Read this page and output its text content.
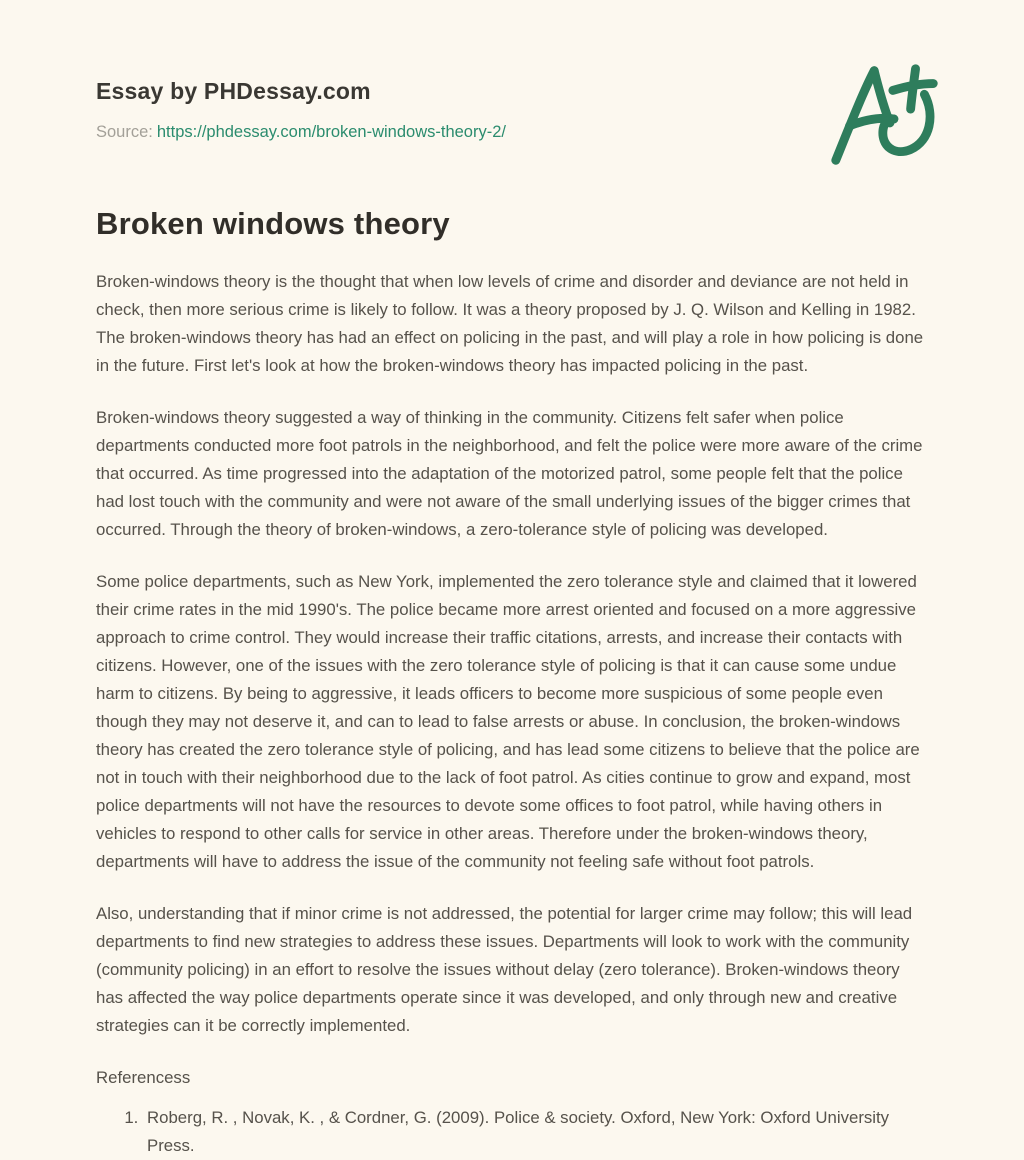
Essay by PHDessay.com
Source: https://phdessay.com/broken-windows-theory-2/
Broken windows theory

Broken-windows theory is the thought that when low levels of crime and disorder and deviance are not held in check, then more serious crime is likely to follow. It was a theory proposed by J. Q. Wilson and Kelling in 1982. The broken-windows theory has had an effect on policing in the past, and will play a role in how policing is done in the future. First let's look at how the broken-windows theory has impacted policing in the past.

Broken-windows theory suggested a way of thinking in the community. Citizens felt safer when police departments conducted more foot patrols in the neighborhood, and felt the police were more aware of the crime that occurred. As time progressed into the adaptation of the motorized patrol, some people felt that the police had lost touch with the community and were not aware of the small underlying issues of the bigger crimes that occurred. Through the theory of broken-windows, a zero-tolerance style of policing was developed.

Some police departments, such as New York, implemented the zero tolerance style and claimed that it lowered their crime rates in the mid 1990's. The police became more arrest oriented and focused on a more aggressive approach to crime control. They would increase their traffic citations, arrests, and increase their contacts with citizens. However, one of the issues with the zero tolerance style of policing is that it can cause some undue harm to citizens. By being to aggressive, it leads officers to become more suspicious of some people even though they may not deserve it, and can to lead to false arrests or abuse. In conclusion, the broken-windows theory has created the zero tolerance style of policing, and has lead some citizens to believe that the police are not in touch with their neighborhood due to the lack of foot patrol. As cities continue to grow and expand, most police departments will not have the resources to devote some offices to foot patrol, while having others in vehicles to respond to other calls for service in other areas. Therefore under the broken-windows theory, departments will have to address the issue of the community not feeling safe without foot patrols.

Also, understanding that if minor crime is not addressed, the potential for larger crime may follow; this will lead departments to find new strategies to address these issues. Departments will look to work with the community (community policing) in an effort to resolve the issues without delay (zero tolerance). Broken-windows theory has affected the way police departments operate since it was developed, and only through new and creative strategies can it be correctly implemented.

Referencess
1. Roberg, R. , Novak, K. , & Cordner, G. (2009). Police & society. Oxford, New York: Oxford University Press.
